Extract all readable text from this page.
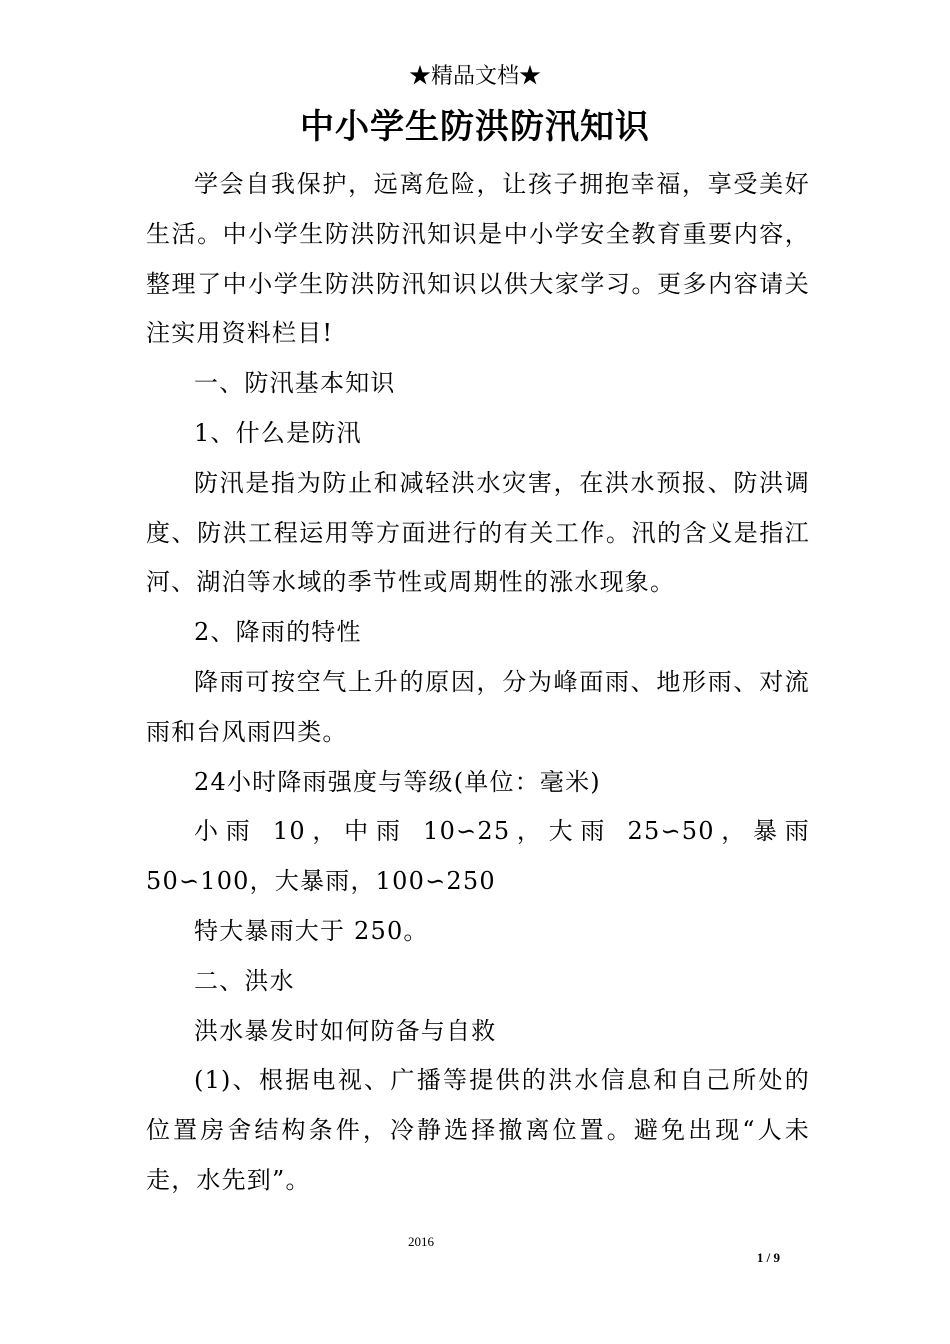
★精品文档★
中小学生防洪防汛知识

学会自我保护，远离危险，让孩子拥抱幸福，享受美好生活。中小学生防洪防汛知识是中小学安全教育重要内容，整理了中小学生防洪防汛知识以供大家学习。更多内容请关注实用资料栏目!

一、防汛基本知识

1、什么是防汛

防汛是指为防止和减轻洪水灾害，在洪水预报、防洪调度、防洪工程运用等方面进行的有关工作。汛的含义是指江河、湖泊等水域的季节性或周期性的涨水现象。

2、降雨的特性

降雨可按空气上升的原因，分为峰面雨、地形雨、对流雨和台风雨四类。

24小时降雨强度与等级(单位：毫米)

小雨 10，中雨 10∽25，大雨 25∽50，暴雨 50∽100，大暴雨，100∽250

特大暴雨大于 250。

二、洪水

洪水暴发时如何防备与自救

(1)、根据电视、广播等提供的洪水信息和自己所处的位置房舍结构条件，冷静选择撤离位置。避免出现“人未走，水先到”。

2016
1 / 9
